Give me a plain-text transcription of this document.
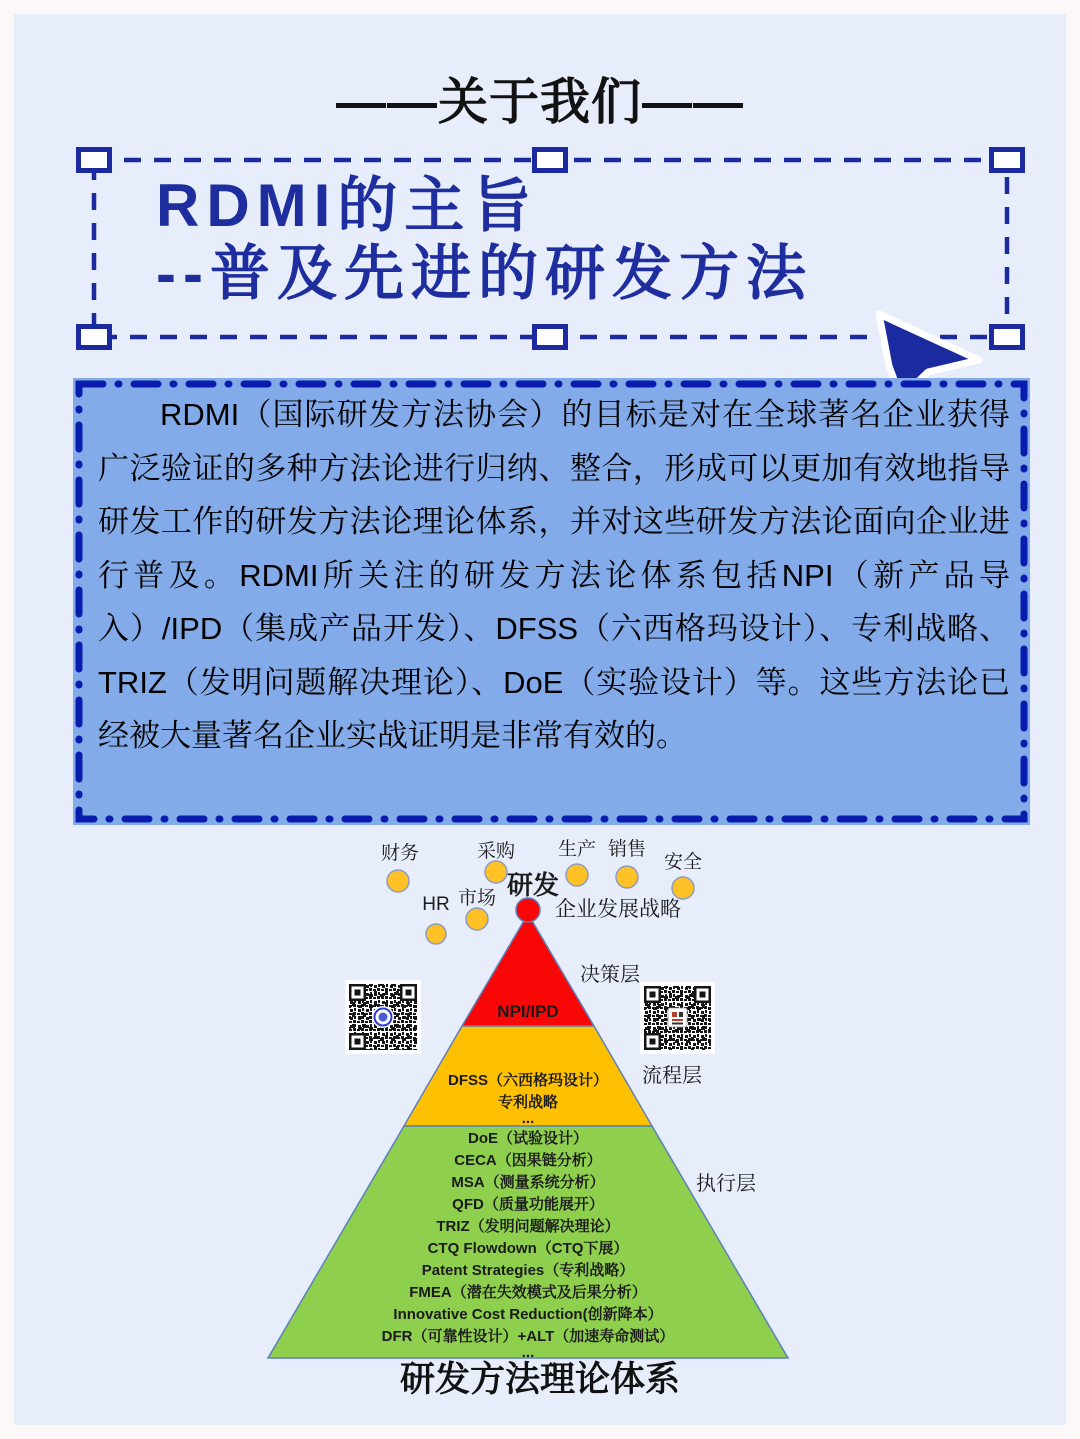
——关于我们——
RDMI的主旨
--普及先进的研发方法

RDMI（国际研发方法协会）的目标是对在全球著名企业获得广泛验证的多种方法论进行归纳、整合，形成可以更加有效地指导研发工作的研发方法论理论体系，并对这些研发方法论面向企业进行普及。RDMI所关注的研发方法论体系包括NPI（新产品导入）/IPD（集成产品开发）、DFSS（六西格玛设计）、专利战略、TRIZ（发明问题解决理论）、DoE（实验设计）等。这些方法论已经被大量著名企业实战证明是非常有效的。

财务
HR 市场
采购 生产 销售
安全
研发
企业发展战略
NPI/IPD
DFSS（六西格玛设计）
专利战略
...
DoE（试验设计）
CECA（因果链分析）
MSA（测量系统分析）
QFD（质量功能展开）
TRIZ（发明问题解决理论）
CTQ Flowdown（CTQ下展）
Patent Strategies（专利战略）
FMEA（潜在失效模式及后果分析）
Innovative Cost Reduction(创新降本）
DFR（可靠性设计）+ALT（加速寿命测试）
...
决策层
流程层
执行层
研发方法理论体系
